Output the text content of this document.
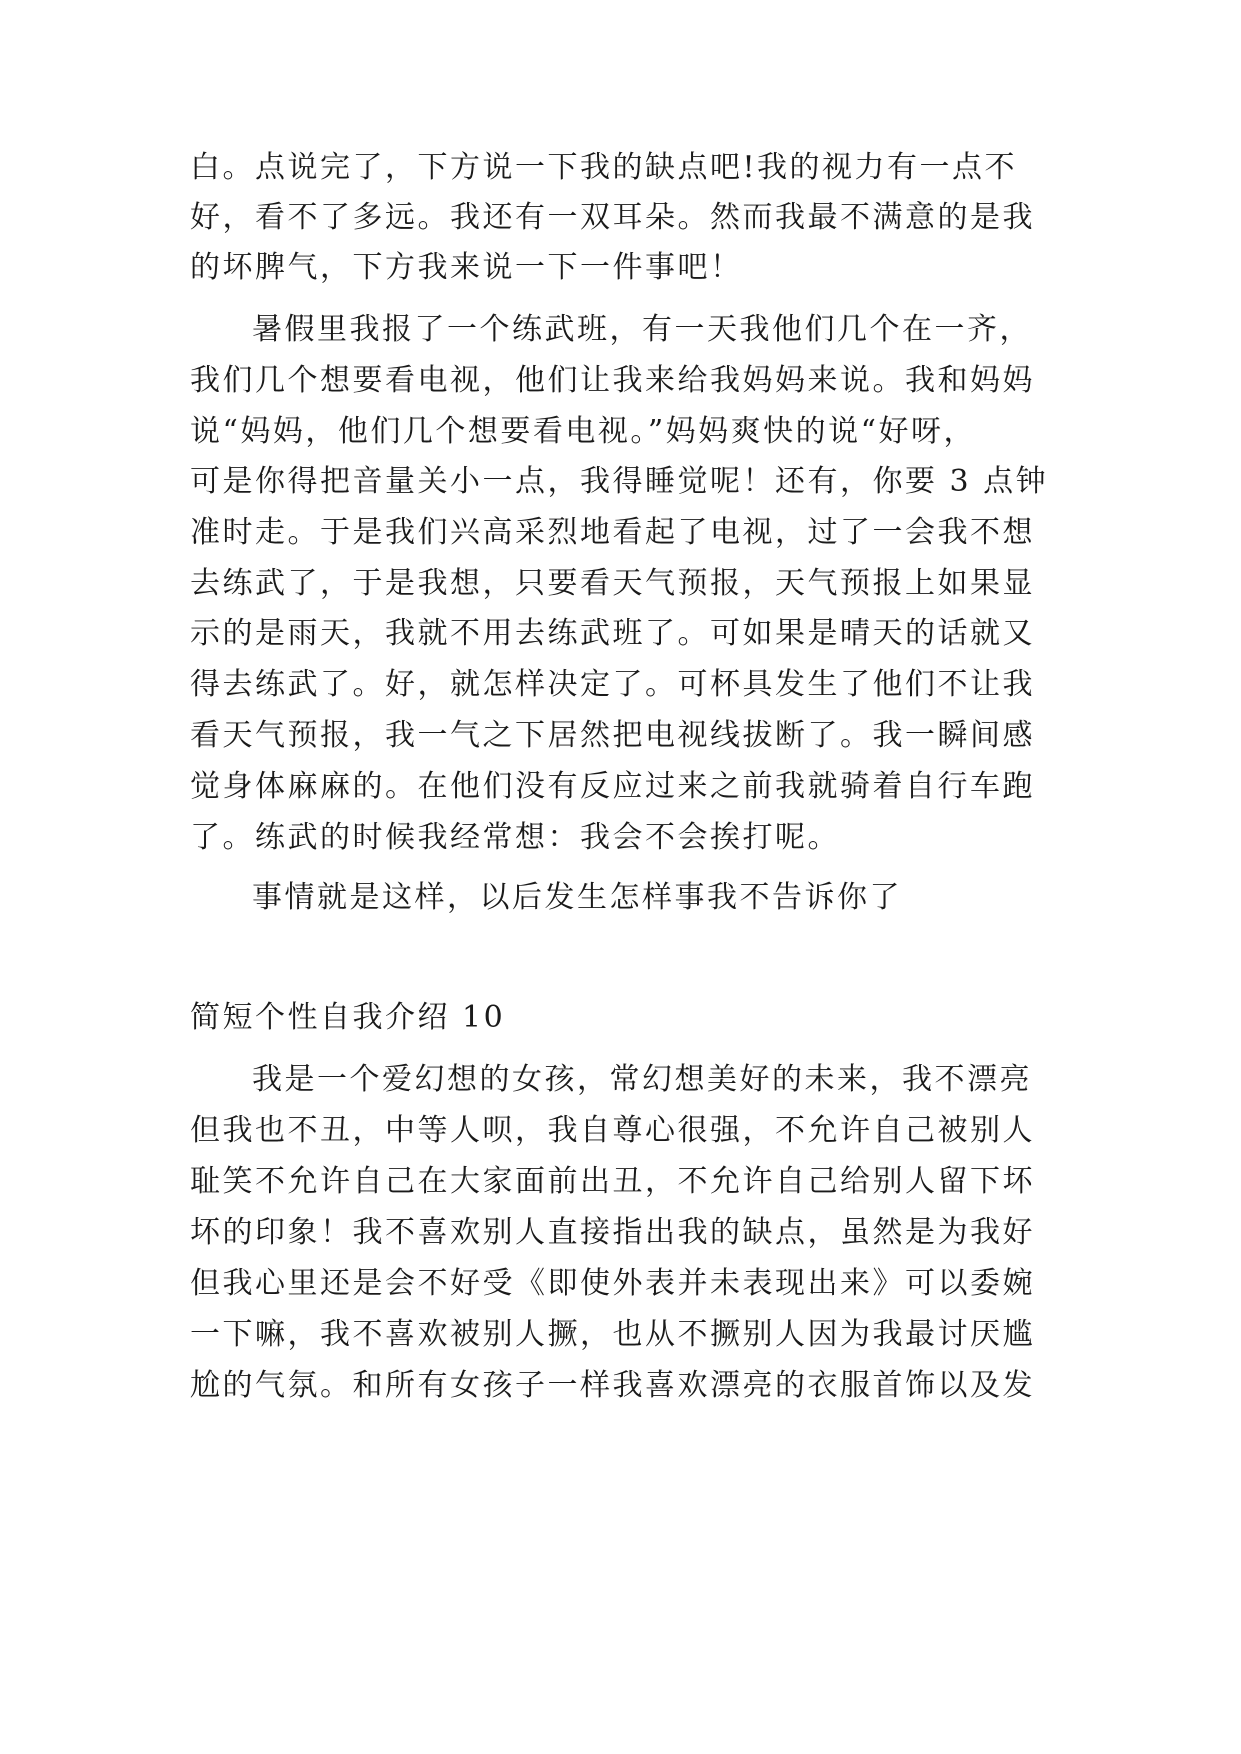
白。点说完了，下方说一下我的缺点吧!我的视力有一点不
好，看不了多远。我还有一双耳朵。然而我最不满意的是我
的坏脾气，下方我来说一下一件事吧！
暑假里我报了一个练武班，有一天我他们几个在一齐，
我们几个想要看电视，他们让我来给我妈妈来说。我和妈妈
说“妈妈，他们几个想要看电视。”妈妈爽快的说“好呀，
可是你得把音量关小一点，我得睡觉呢！还有，你要 3 点钟
准时走。于是我们兴高采烈地看起了电视，过了一会我不想
去练武了，于是我想，只要看天气预报，天气预报上如果显
示的是雨天，我就不用去练武班了。可如果是晴天的话就又
得去练武了。好，就怎样决定了。可杯具发生了他们不让我
看天气预报，我一气之下居然把电视线拔断了。我一瞬间感
觉身体麻麻的。在他们没有反应过来之前我就骑着自行车跑
了。练武的时候我经常想：我会不会挨打呢。
事情就是这样，以后发生怎样事我不告诉你了
简短个性自我介绍 10
我是一个爱幻想的女孩，常幻想美好的未来，我不漂亮
但我也不丑，中等人呗，我自尊心很强，不允许自己被别人
耻笑不允许自己在大家面前出丑，不允许自己给别人留下坏
坏的印象！我不喜欢别人直接指出我的缺点，虽然是为我好
但我心里还是会不好受《即使外表并未表现出来》可以委婉
一下嘛，我不喜欢被别人撅，也从不撅别人因为我最讨厌尴
尬的气氛。和所有女孩子一样我喜欢漂亮的衣服首饰以及发
